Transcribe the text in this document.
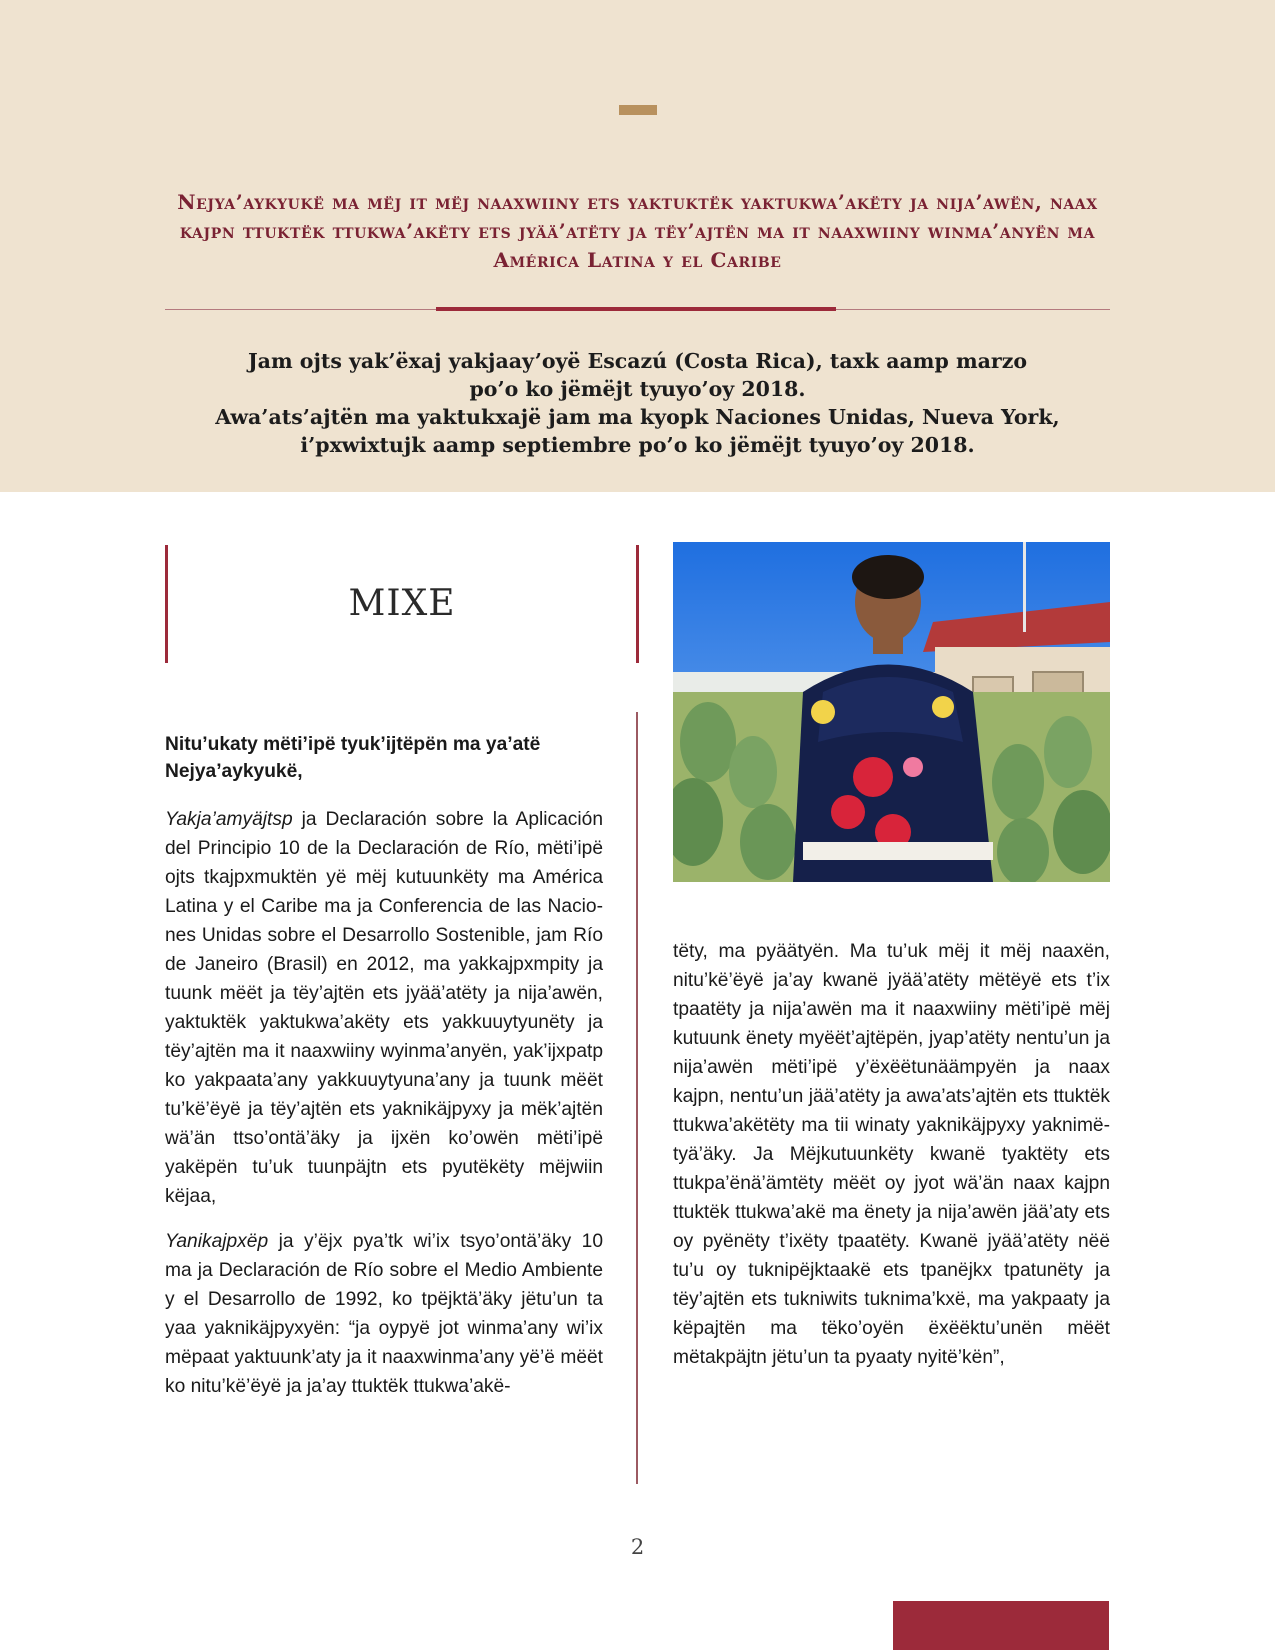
Nejya’aykyukë ma mëj it mëj naaxwiiny ets yaktuktëk yaktukwa’akëty ja nija’awën, naax kajpn ttuktëk ttukwa’akëty ets jyää’atëty ja tëy’ajtën ma it naaxwiiny winma’anyën ma América Latina y el Caribe

Jam ojts yak’ëxaj yakjaay’oyë Escazú (Costa Rica), taxk aamp marzo
po’o ko jëmëjt tyuyo’oy 2018.
Awa’ats’ajtën ma yaktukxajë jam ma kyopk Naciones Unidas, Nueva York,
i’pxwixtujk aamp septiembre po’o ko jëmëjt tyuyo’oy 2018.

MIXE

Nitu’ukaty mëti’ipë tyuk’ijtëpën ma ya’atë Nejya’aykyukë,

Yakja’amyäjtsp ja Declaración sobre la Aplicación del Principio 10 de la Declaración de Río, mëti’ipë ojts tkajpxmuktën yë mëj kutuunkëty ma América Latina y el Caribe ma ja Conferencia de las Naciones Unidas sobre el Desarrollo Sostenible, jam Río de Janeiro (Brasil) en 2012, ma yakkajpxmpity ja tuunk mëët ja tëy’ajtën ets jyää’atëty ja nija’awën, yaktuktëk yaktukwa’akëty ets yakkuuytyunëty ja tëy’ajtën ma it naaxwiiny wyinma’anyën, yak’ijxpatp ko yakpaata’any yakkuuytyuna’any ja tuunk mëët tu’kë’ëyë ja tëy’ajtën ets yaknikäjpyxy ja mëk’ajtën wä’än ttso’ontä’äky ja ijxën ko’owën mëti’ipë yakëpën tu’uk tuunpäjtn ets pyutëkëty mëjwiin këjaa,

Yanikajpxëp ja y’ëjx pya’tk wi’ix tsyo’ontä’äky 10 ma ja Declaración de Río sobre el Medio Ambiente y el Desarrollo de 1992, ko tpëjktä’äky jëtu’un ta yaa yaknikäjpyxyën: “ja oypyë jot winma’any wi’ix mëpaat yaktuunk’aty ja it naaxwinma’any yë’ë mëët ko nitu’kë’ëyë ja ja’ay ttuktëk ttukwa’akë-

tëty, ma pyäätyën. Ma tu’uk mëj it mëj naaxën, nitu’kë’ëyë ja’ay kwanë jyää’atëty mëtëyë ets t’ix tpaatëty ja nija’awën ma it naaxwiiny mëti’ipë mëj kutuunk ënety myëët’ajtëpën, jyap’atëty nentu’un ja nija’awën mëti’ipë y’ëxëëtunäämpyën ja naax kajpn, nentu’un jää’atëty ja awa’ats’ajtën ets ttuktëk ttukwa’akëtëty ma tii winaty yaknikäjpyxy yaknimëtyä’äky. Ja Mëjkutuunkëty kwanë tyaktëty ets ttukpa’ënä’ämtëty mëët oy jyot wä’än naax kajpn ttuktëk ttukwa’akë ma ënety ja nija’awën jää’aty ets oy pyënëty t’ixëty tpaatëty. Kwanë jyää’atëty nëë tu’u oy tuknipëjktaakë ets tpanëjkx tpatunëty ja tëy’ajtën ets tukniwits tuknima’kxë, ma yakpaaty ja këpajtën ma tëko’oyën ëxëëktu’unën mëët mëtakpäjtn jëtu’un ta pyaaty nyitë’kën”,

2
